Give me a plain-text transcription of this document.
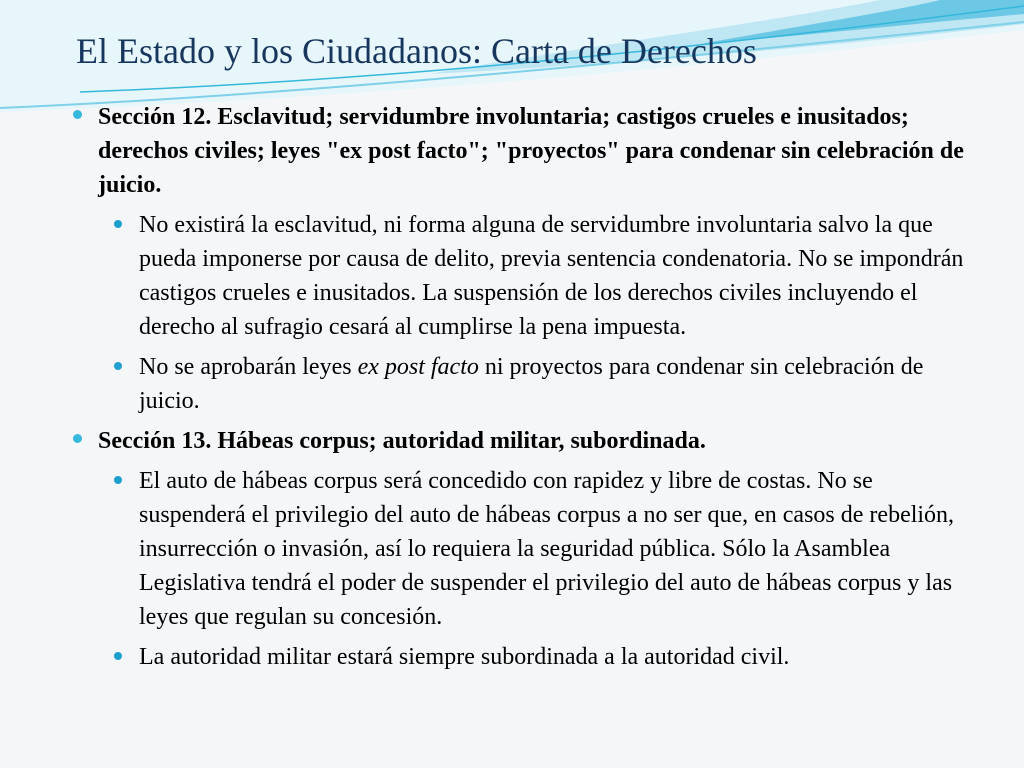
El Estado y los Ciudadanos: Carta de Derechos
Sección 12. Esclavitud; servidumbre involuntaria; castigos crueles e inusitados; derechos civiles; leyes "ex post facto"; "proyectos" para condenar sin celebración de juicio.
No existirá la esclavitud, ni forma alguna de servidumbre involuntaria salvo la que pueda imponerse por causa de delito, previa sentencia condenatoria. No se impondrán castigos crueles e inusitados. La suspensión de los derechos civiles incluyendo el derecho al sufragio cesará al cumplirse la pena impuesta.
No se aprobarán leyes ex post facto ni proyectos para condenar sin celebración de juicio.
Sección 13. Hábeas corpus; autoridad militar, subordinada.
El auto de hábeas corpus será concedido con rapidez y libre de costas. No se suspenderá el privilegio del auto de hábeas corpus a no ser que, en casos de rebelión, insurrección o invasión, así lo requiera la seguridad pública. Sólo la Asamblea Legislativa tendrá el poder de suspender el privilegio del auto de hábeas corpus y las leyes que regulan su concesión.
La autoridad militar estará siempre subordinada a la autoridad civil.
